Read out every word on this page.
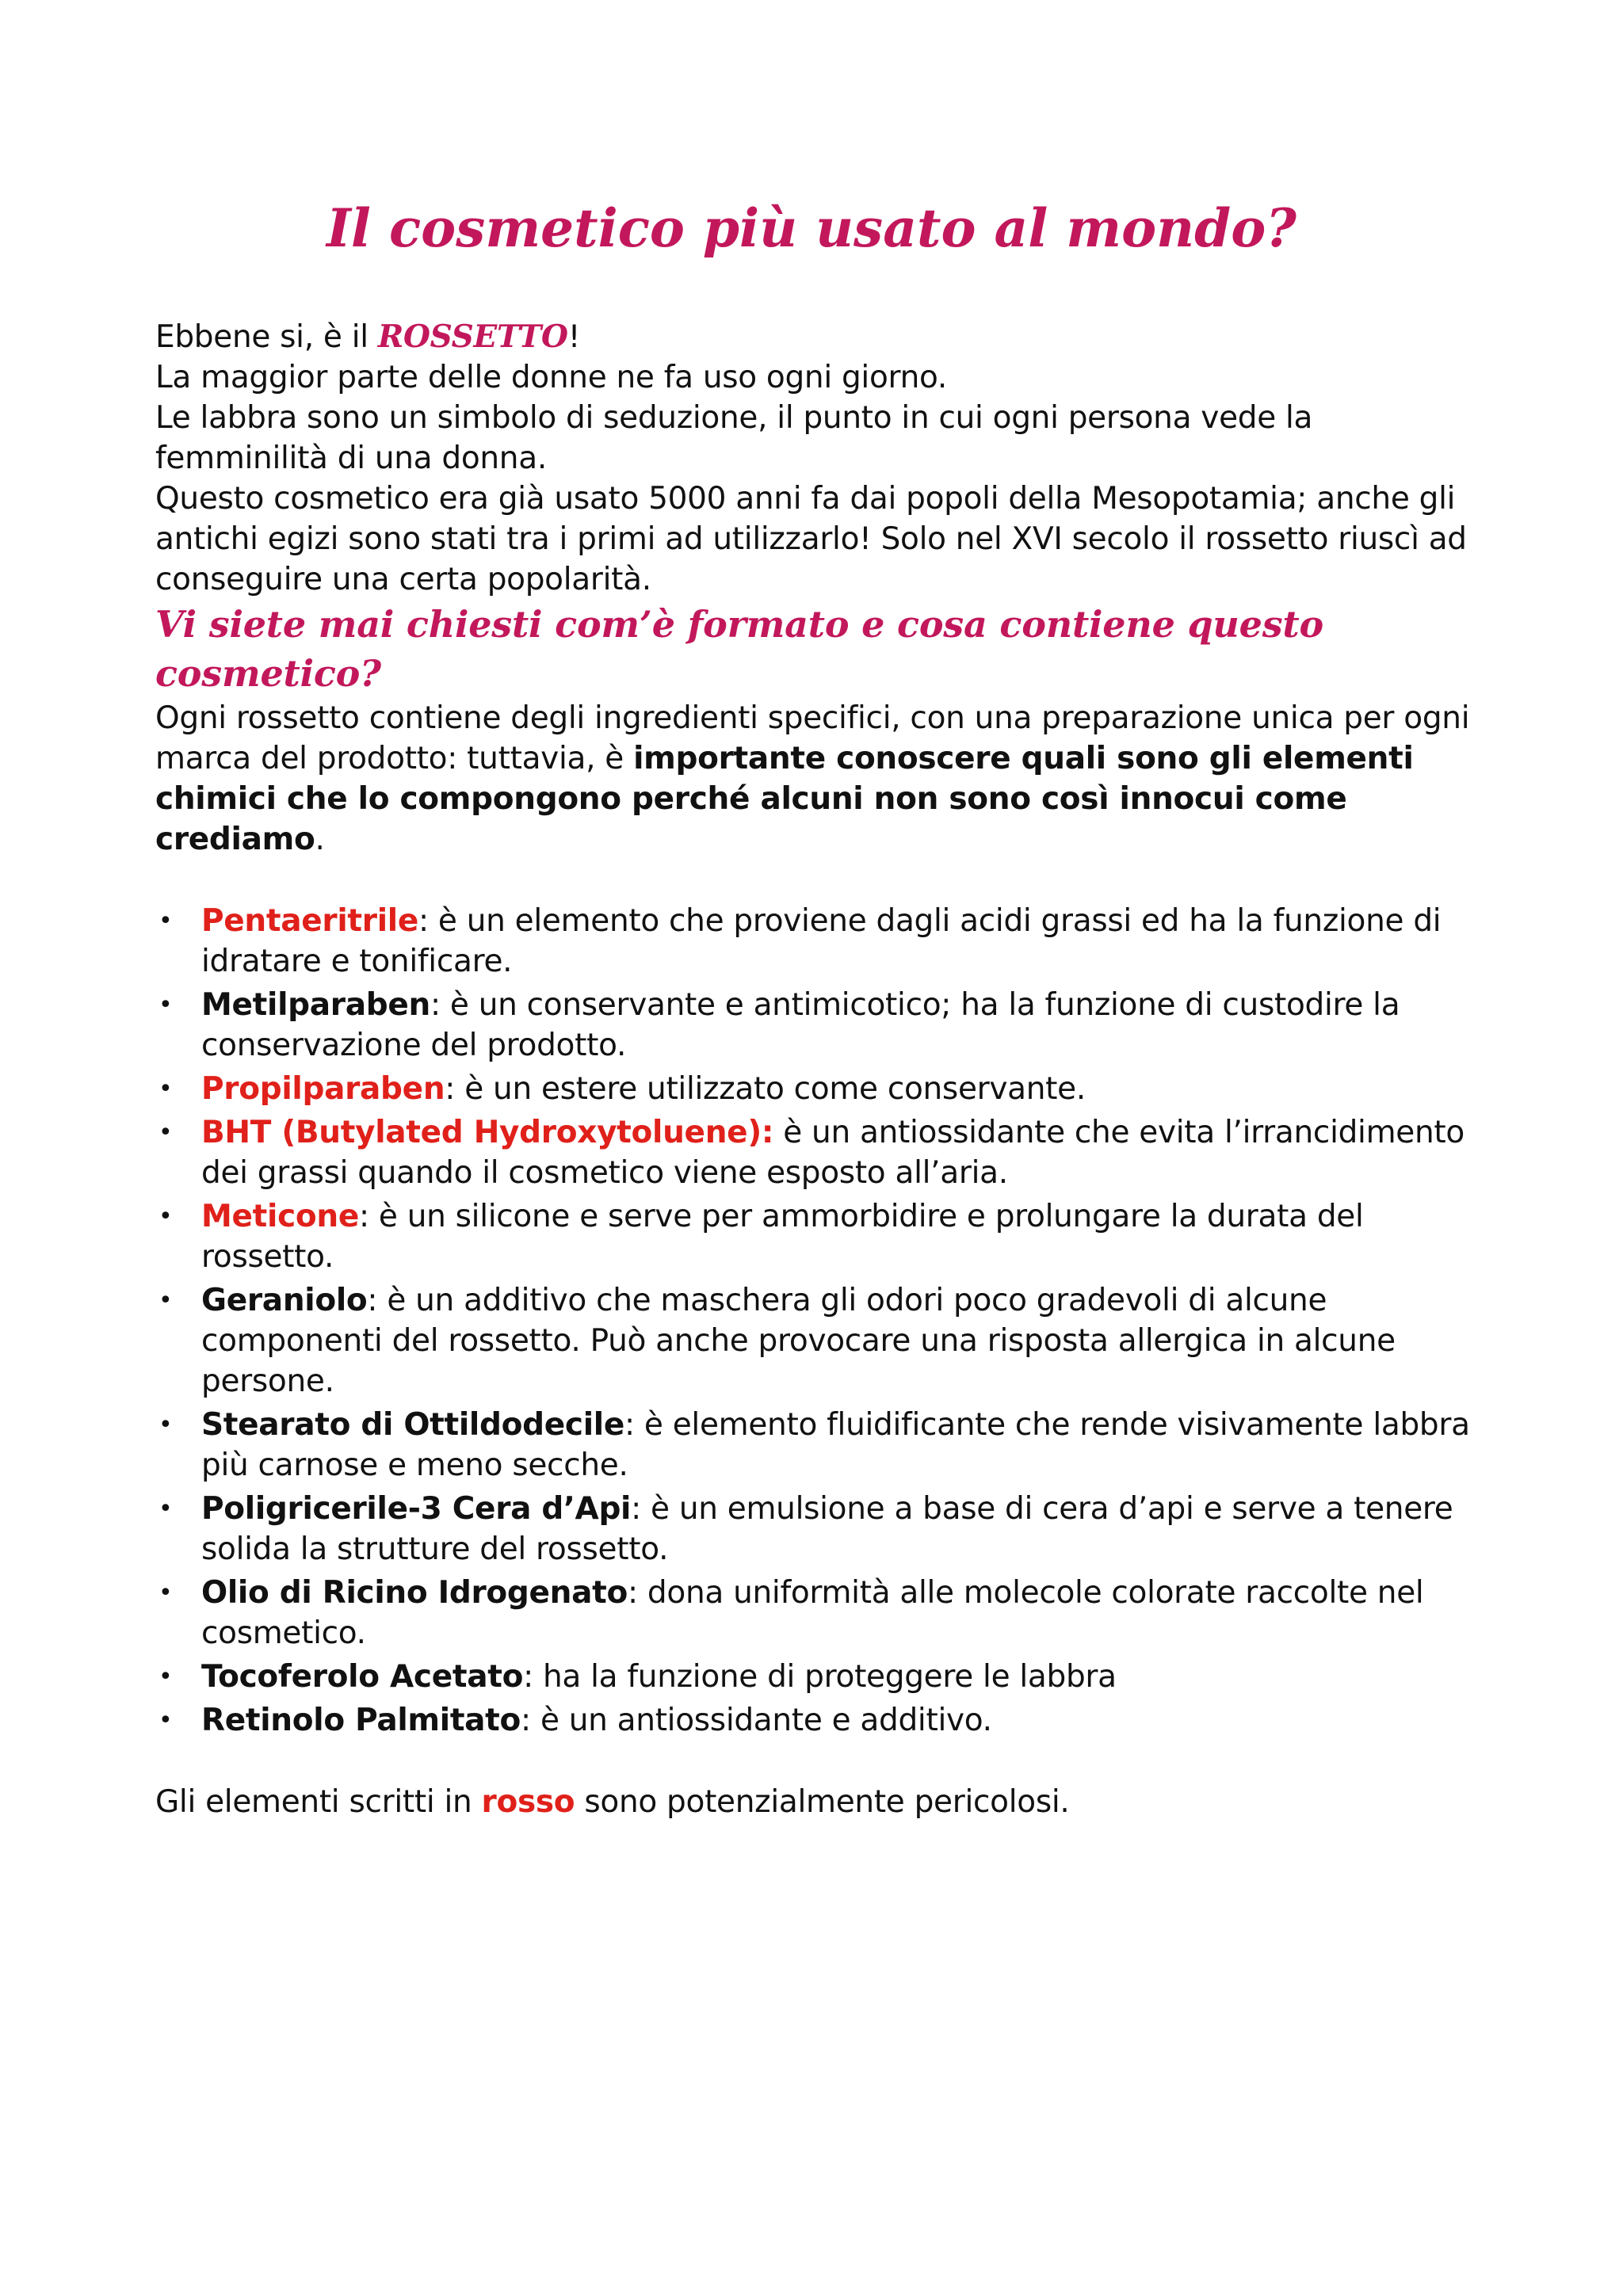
Il cosmetico più usato al mondo?

Ebbene si, è il ROSSETTO!

La maggior parte delle donne ne fa uso ogni giorno.

Le labbra sono un simbolo di seduzione, il punto in cui ogni persona vede la femminilità di una donna.

Questo cosmetico era già usato 5000 anni fa dai popoli della Mesopotamia; anche gli antichi egizi sono stati tra i primi ad utilizzarlo! Solo nel XVI secolo il rossetto riuscì ad conseguire una certa popolarità.

Vi siete mai chiesti com’è formato e cosa contiene questo cosmetico?

Ogni rossetto contiene degli ingredienti specifici, con una preparazione unica per ogni marca del prodotto: tuttavia, è importante conoscere quali sono gli elementi chimici che lo compongono perché alcuni non sono così innocui come crediamo.

• Pentaeritrile: è un elemento che proviene dagli acidi grassi ed ha la funzione di idratare e tonificare.
• Metilparaben: è un conservante e antimicotico; ha la funzione di custodire la conservazione del prodotto.
• Propilparaben: è un estere utilizzato come conservante.
• BHT (Butylated Hydroxytoluene): è un antiossidante che evita l’irrancidimento dei grassi quando il cosmetico viene esposto all’aria.
• Meticone: è un silicone e serve per ammorbidire e prolungare la durata del rossetto.
• Geraniolo: è un additivo che maschera gli odori poco gradevoli di alcune componenti del rossetto. Può anche provocare una risposta allergica in alcune persone.
• Stearato di Ottildodecile: è elemento fluidificante che rende visivamente labbra più carnose e meno secche.
• Poligricerile-3 Cera d’Api: è un emulsione a base di cera d’api e serve a tenere solida la strutture del rossetto.
• Olio di Ricino Idrogenato: dona uniformità alle molecole colorate raccolte nel cosmetico.
• Tocoferolo Acetato: ha la funzione di proteggere le labbra
• Retinolo Palmitato: è un antiossidante e additivo.

Gli elementi scritti in rosso sono potenzialmente pericolosi.
